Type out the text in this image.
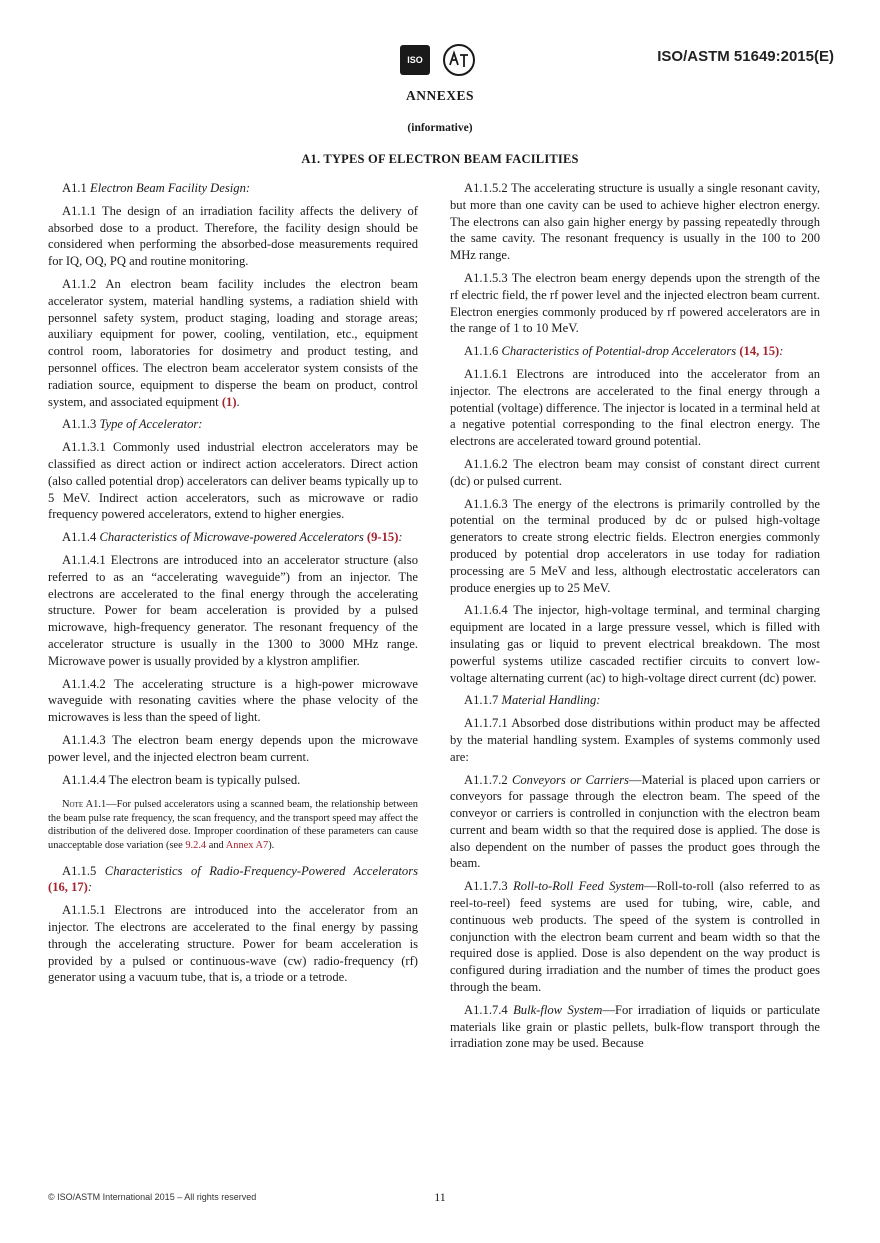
ISO	ISO/ASTM 51649:2015(E)
ANNEXES
(informative)
A1. TYPES OF ELECTRON BEAM FACILITIES

A1.1 Electron Beam Facility Design:

A1.1.1 The design of an irradiation facility affects the delivery of absorbed dose to a product. Therefore, the facility design should be considered when performing the absorbed-dose measurements required for IQ, OQ, PQ and routine monitoring.

A1.1.2 An electron beam facility includes the electron beam accelerator system, material handling systems, a radiation shield with personnel safety system, product staging, loading and storage areas; auxiliary equipment for power, cooling, ventilation, etc., equipment control room, laboratories for dosimetry and product testing, and personnel offices. The electron beam accelerator system consists of the radiation source, equipment to disperse the beam on product, control system, and associated equipment (1).

A1.1.3 Type of Accelerator:

A1.1.3.1 Commonly used industrial electron accelerators may be classified as direct action or indirect action accelerators. Direct action (also called potential drop) accelerators can deliver beams typically up to 5 MeV. Indirect action accelerators, such as microwave or radio frequency powered accelerators, extend to higher energies.

A1.1.4 Characteristics of Microwave-powered Accelerators (9-15):

A1.1.4.1 Electrons are introduced into an accelerator structure (also referred to as an “accelerating waveguide”) from an injector. The electrons are accelerated to the final energy through the accelerating structure. Power for beam acceleration is provided by a pulsed microwave, high-frequency generator. The resonant frequency of the accelerator structure is usually in the 1300 to 3000 MHz range. Microwave power is usually provided by a klystron amplifier.

A1.1.4.2 The accelerating structure is a high-power microwave waveguide with resonating cavities where the phase velocity of the microwaves is less than the speed of light.

A1.1.4.3 The electron beam energy depends upon the microwave power level, and the injected electron beam current.

A1.1.4.4 The electron beam is typically pulsed.

Note A1.1—For pulsed accelerators using a scanned beam, the relationship between the beam pulse rate frequency, the scan frequency, and the transport speed may affect the distribution of the delivered dose. Improper coordination of these parameters can cause unacceptable dose variation (see 9.2.4 and Annex A7).

A1.1.5 Characteristics of Radio-Frequency-Powered Accelerators (16, 17):

A1.1.5.1 Electrons are introduced into the accelerator from an injector. The electrons are accelerated to the final energy by passing through the accelerating structure. Power for beam acceleration is provided by a pulsed or continuous-wave (cw) radio-frequency (rf) generator using a vacuum tube, that is, a triode or a tetrode.

A1.1.5.2 The accelerating structure is usually a single resonant cavity, but more than one cavity can be used to achieve higher electron energy. The electrons can also gain higher energy by passing repeatedly through the same cavity. The resonant frequency is usually in the 100 to 200 MHz range.

A1.1.5.3 The electron beam energy depends upon the strength of the rf electric field, the rf power level and the injected electron beam current. Electron energies commonly produced by rf powered accelerators are in the range of 1 to 10 MeV.

A1.1.6 Characteristics of Potential-drop Accelerators (14, 15):

A1.1.6.1 Electrons are introduced into the accelerator from an injector. The electrons are accelerated to the final energy through a potential (voltage) difference. The injector is located in a terminal held at a negative potential corresponding to the final electron energy. The electrons are accelerated toward ground potential.

A1.1.6.2 The electron beam may consist of constant direct current (dc) or pulsed current.

A1.1.6.3 The energy of the electrons is primarily controlled by the potential on the terminal produced by dc or pulsed high-voltage generators to create strong electric fields. Electron energies commonly produced by potential drop accelerators in use today for radiation processing are 5 MeV and less, although electrostatic accelerators can produce energies up to 25 MeV.

A1.1.6.4 The injector, high-voltage terminal, and terminal charging equipment are located in a large pressure vessel, which is filled with insulating gas or liquid to prevent electrical breakdown. The most powerful systems utilize cascaded rectifier circuits to convert low-voltage alternating current (ac) to high-voltage direct current (dc) power.

A1.1.7 Material Handling:

A1.1.7.1 Absorbed dose distributions within product may be affected by the material handling system. Examples of systems commonly used are:

A1.1.7.2 Conveyors or Carriers—Material is placed upon carriers or conveyors for passage through the electron beam. The speed of the conveyor or carriers is controlled in conjunction with the electron beam current and beam width so that the required dose is applied. The dose is also dependent on the number of passes the product goes through the beam.

A1.1.7.3 Roll-to-Roll Feed System—Roll-to-roll (also referred to as reel-to-reel) feed systems are used for tubing, wire, cable, and continuous web products. The speed of the system is controlled in conjunction with the electron beam current and beam width so that the required dose is applied. Dose is also dependent on the way product is configured during irradiation and the number of times the product goes through the beam.

A1.1.7.4 Bulk-flow System—For irradiation of liquids or particulate materials like grain or plastic pellets, bulk-flow transport through the irradiation zone may be used. Because

© ISO/ASTM International 2015 – All rights reserved	11
